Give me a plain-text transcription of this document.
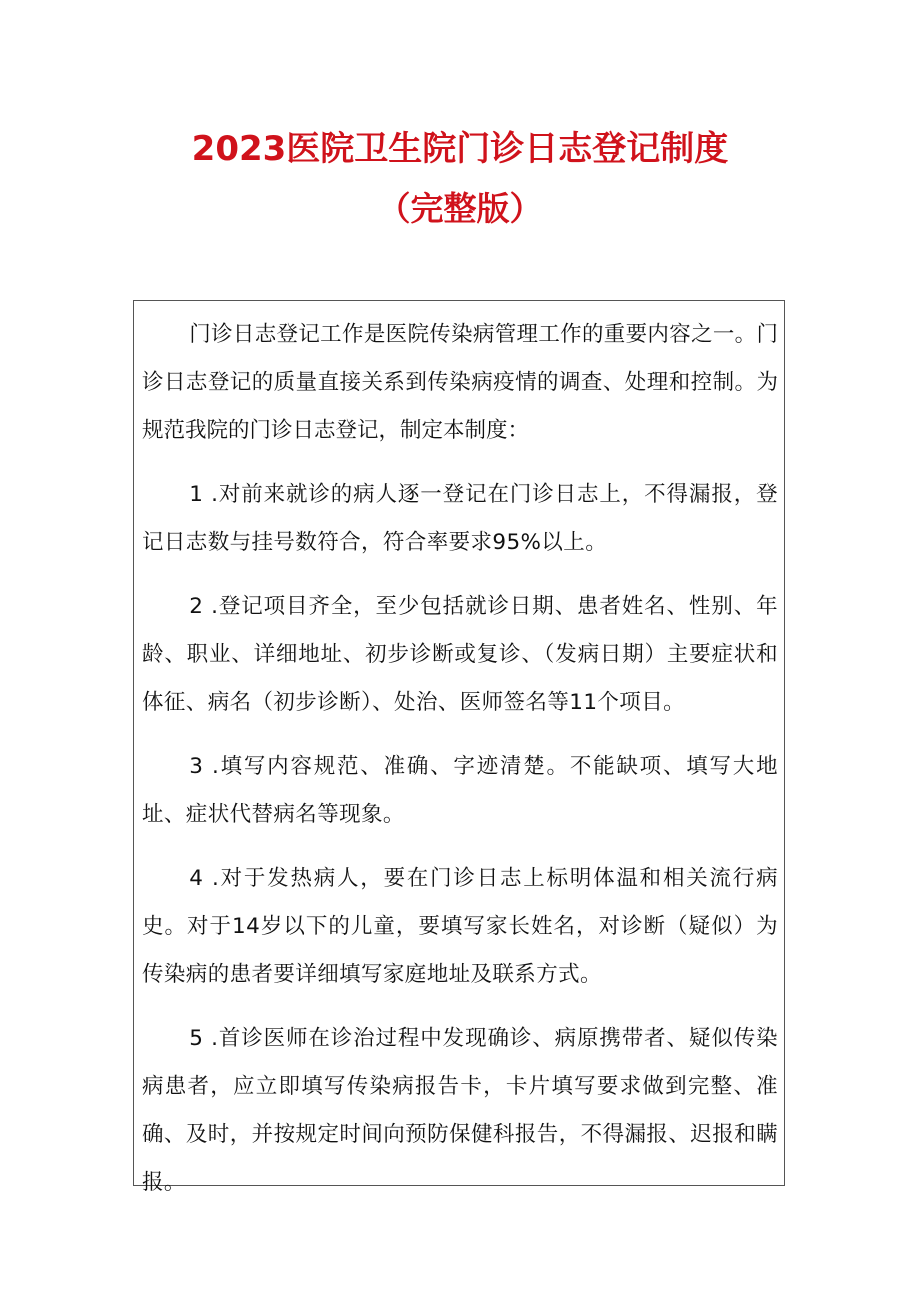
2023医院卫生院门诊日志登记制度
（完整版）

门诊日志登记工作是医院传染病管理工作的重要内容之一。门诊日志登记的质量直接关系到传染病疫情的调查、处理和控制。为规范我院的门诊日志登记，制定本制度：

1 .对前来就诊的病人逐一登记在门诊日志上，不得漏报，登记日志数与挂号数符合，符合率要求95%以上。

2 .登记项目齐全，至少包括就诊日期、患者姓名、性别、年龄、职业、详细地址、初步诊断或复诊、（发病日期）主要症状和体征、病名（初步诊断）、处治、医师签名等11个项目。

3 .填写内容规范、准确、字迹清楚。不能缺项、填写大地址、症状代替病名等现象。

4 .对于发热病人，要在门诊日志上标明体温和相关流行病史。对于14岁以下的儿童，要填写家长姓名，对诊断（疑似）为传染病的患者要详细填写家庭地址及联系方式。

5 .首诊医师在诊治过程中发现确诊、病原携带者、疑似传染病患者，应立即填写传染病报告卡，卡片填写要求做到完整、准确、及时，并按规定时间向预防保健科报告，不得漏报、迟报和瞒报。
